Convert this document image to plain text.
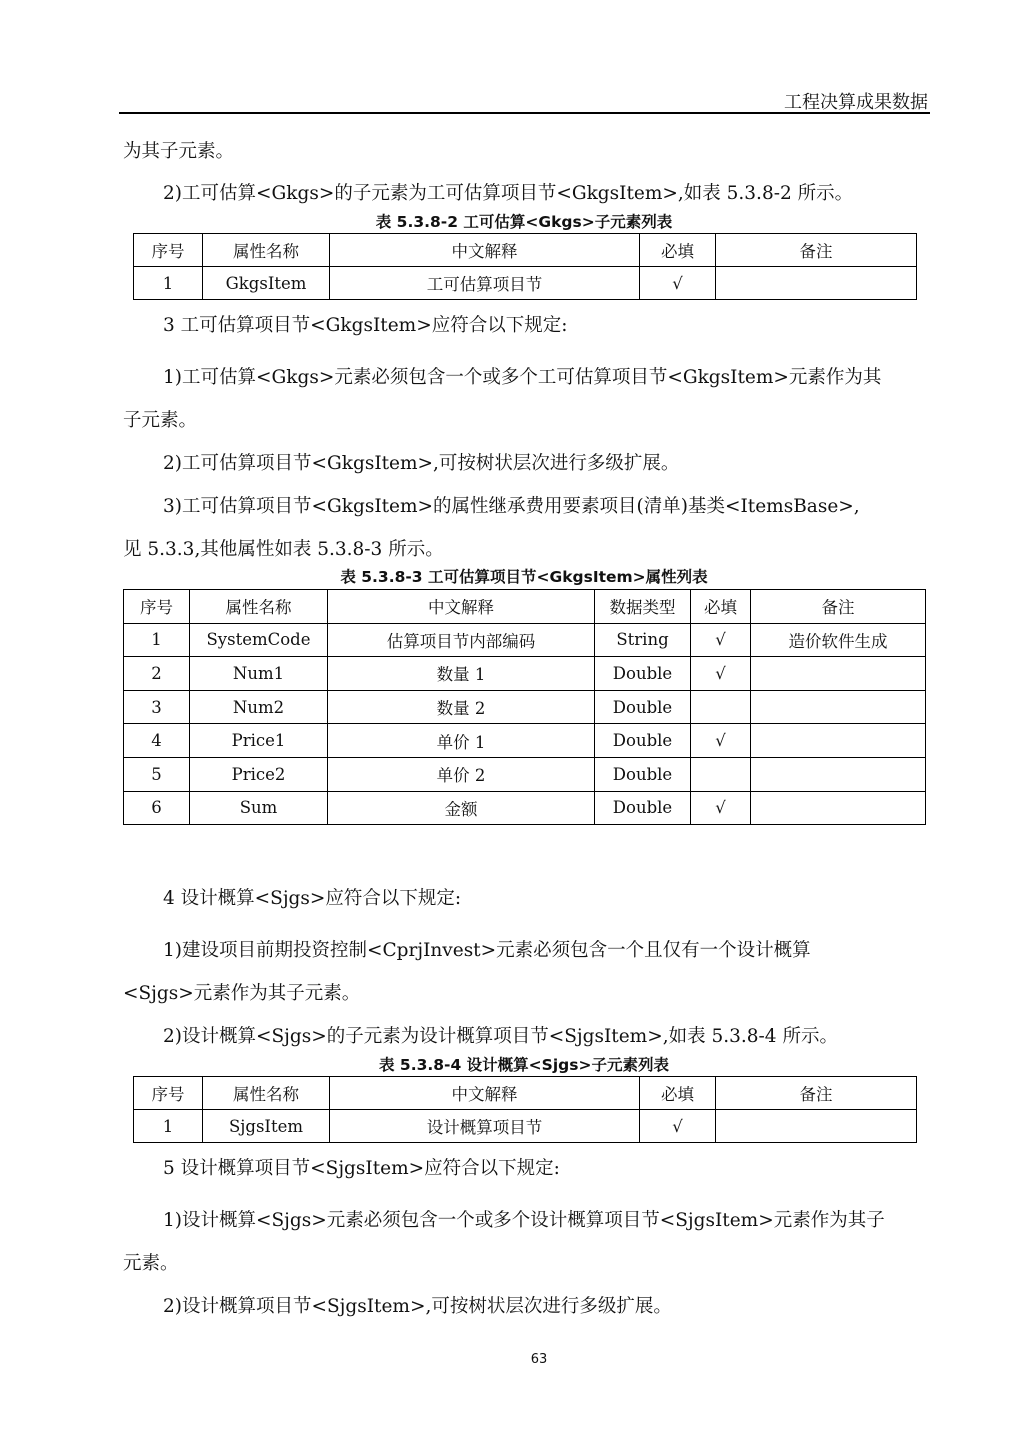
工程决算成果数据
为其子元素。
2)工可估算<Gkgs>的子元素为工可估算项目节<GkgsItem>,如表 5.3.8-2 所示。
表 5.3.8-2 工可估算<Gkgs>子元素列表
序号	属性名称	中文解释	必填	备注
1	GkgsItem	工可估算项目节	√	
3 工可估算项目节<GkgsItem>应符合以下规定:
1)工可估算<Gkgs>元素必须包含一个或多个工可估算项目节<GkgsItem>元素作为其
子元素。
2)工可估算项目节<GkgsItem>,可按树状层次进行多级扩展。
3)工可估算项目节<GkgsItem>的属性继承费用要素项目(清单)基类<ItemsBase>,
见 5.3.3,其他属性如表 5.3.8-3 所示。
表 5.3.8-3 工可估算项目节<GkgsItem>属性列表
序号	属性名称	中文解释	数据类型	必填	备注
1	SystemCode	估算项目节内部编码	String	√	造价软件生成
2	Num1	数量 1	Double	√	
3	Num2	数量 2	Double		
4	Price1	单价 1	Double	√	
5	Price2	单价 2	Double		
6	Sum	金额	Double	√	
4 设计概算<Sjgs>应符合以下规定:
1)建设项目前期投资控制<CprjInvest>元素必须包含一个且仅有一个设计概算
<Sjgs>元素作为其子元素。
2)设计概算<Sjgs>的子元素为设计概算项目节<SjgsItem>,如表 5.3.8-4 所示。
表 5.3.8-4 设计概算<Sjgs>子元素列表
序号	属性名称	中文解释	必填	备注
1	SjgsItem	设计概算项目节	√	
5 设计概算项目节<SjgsItem>应符合以下规定:
1)设计概算<Sjgs>元素必须包含一个或多个设计概算项目节<SjgsItem>元素作为其子
元素。
2)设计概算项目节<SjgsItem>,可按树状层次进行多级扩展。
63
